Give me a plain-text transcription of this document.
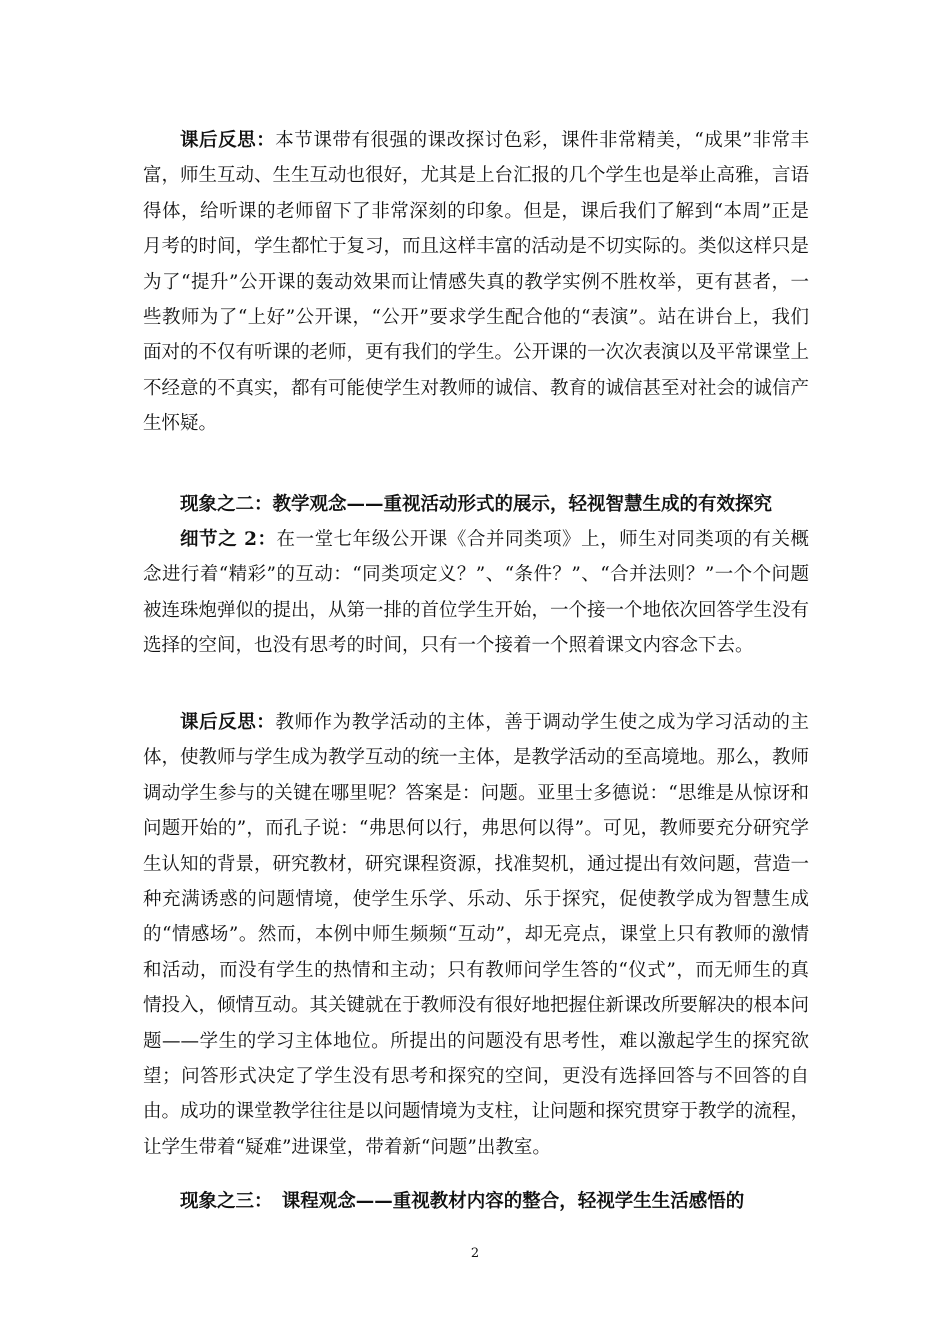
课后反思：本节课带有很强的课改探讨色彩，课件非常精美，“成果”非常丰富，师生互动、生生互动也很好，尤其是上台汇报的几个学生也是举止高雅，言语得体，给听课的老师留下了非常深刻的印象。但是，课后我们了解到“本周”正是月考的时间，学生都忙于复习，而且这样丰富的活动是不切实际的。类似这样只是为了“提升”公开课的轰动效果而让情感失真的教学实例不胜枚举，更有甚者，一些教师为了“上好”公开课，“公开”要求学生配合他的“表演”。站在讲台上，我们面对的不仅有听课的老师，更有我们的学生。公开课的一次次表演以及平常课堂上不经意的不真实，都有可能使学生对教师的诚信、教育的诚信甚至对社会的诚信产生怀疑。

现象之二：教学观念——重视活动形式的展示，轻视智慧生成的有效探究

细节之 2：在一堂七年级公开课《合并同类项》上，师生对同类项的有关概念进行着“精彩”的互动：“同类项定义？”、“条件？”、“合并法则？”一个个问题被连珠炮弹似的提出，从第一排的首位学生开始，一个接一个地依次回答学生没有选择的空间，也没有思考的时间，只有一个接着一个照着课文内容念下去。

课后反思：教师作为教学活动的主体，善于调动学生使之成为学习活动的主体，使教师与学生成为教学互动的统一主体，是教学活动的至高境地。那么，教师调动学生参与的关键在哪里呢？答案是：问题。亚里士多德说：“思维是从惊讶和问题开始的”，而孔子说：“弗思何以行，弗思何以得”。可见，教师要充分研究学生认知的背景，研究教材，研究课程资源，找准契机，通过提出有效问题，营造一种充满诱惑的问题情境，使学生乐学、乐动、乐于探究，促使教学成为智慧生成的“情感场”。然而，本例中师生频频“互动”，却无亮点，课堂上只有教师的激情和活动，而没有学生的热情和主动；只有教师问学生答的“仪式”，而无师生的真情投入，倾情互动。其关键就在于教师没有很好地把握住新课改所要解决的根本问题——学生的学习主体地位。所提出的问题没有思考性，难以激起学生的探究欲望；问答形式决定了学生没有思考和探究的空间，更没有选择回答与不回答的自由。成功的课堂教学往往是以问题情境为支柱，让问题和探究贯穿于教学的流程，让学生带着“疑难”进课堂，带着新“问题”出教室。

现象之三：　课程观念——重视教材内容的整合，轻视学生生活感悟的

2
